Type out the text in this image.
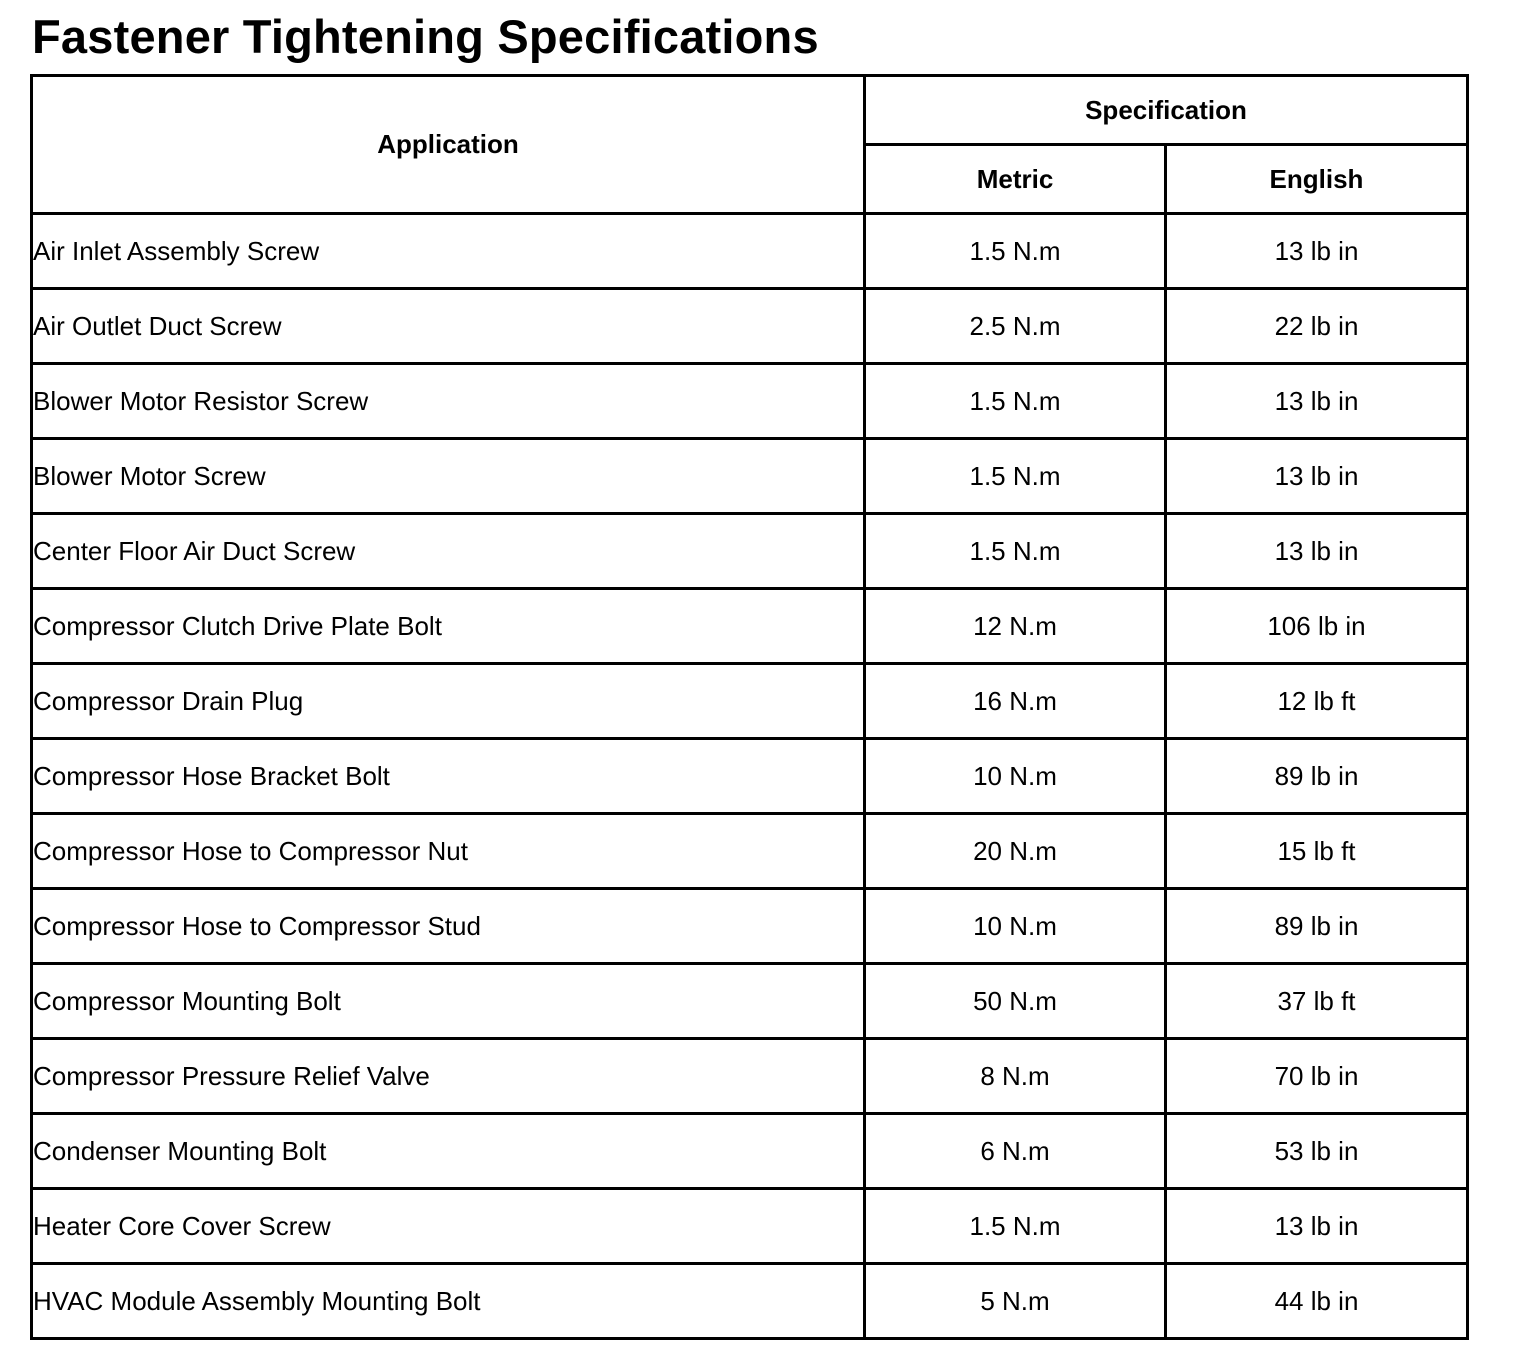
Fastener Tightening Specifications
Application	Specification	
	Metric	English
Air Inlet Assembly Screw	1.5 N.m	13 lb in
Air Outlet Duct Screw	2.5 N.m	22 lb in
Blower Motor Resistor Screw	1.5 N.m	13 lb in
Blower Motor Screw	1.5 N.m	13 lb in
Center Floor Air Duct Screw	1.5 N.m	13 lb in
Compressor Clutch Drive Plate Bolt	12 N.m	106 lb in
Compressor Drain Plug	16 N.m	12 lb ft
Compressor Hose Bracket Bolt	10 N.m	89 lb in
Compressor Hose to Compressor Nut	20 N.m	15 lb ft
Compressor Hose to Compressor Stud	10 N.m	89 lb in
Compressor Mounting Bolt	50 N.m	37 lb ft
Compressor Pressure Relief Valve	8 N.m	70 lb in
Condenser Mounting Bolt	6 N.m	53 lb in
Heater Core Cover Screw	1.5 N.m	13 lb in
HVAC Module Assembly Mounting Bolt	5 N.m	44 lb in
